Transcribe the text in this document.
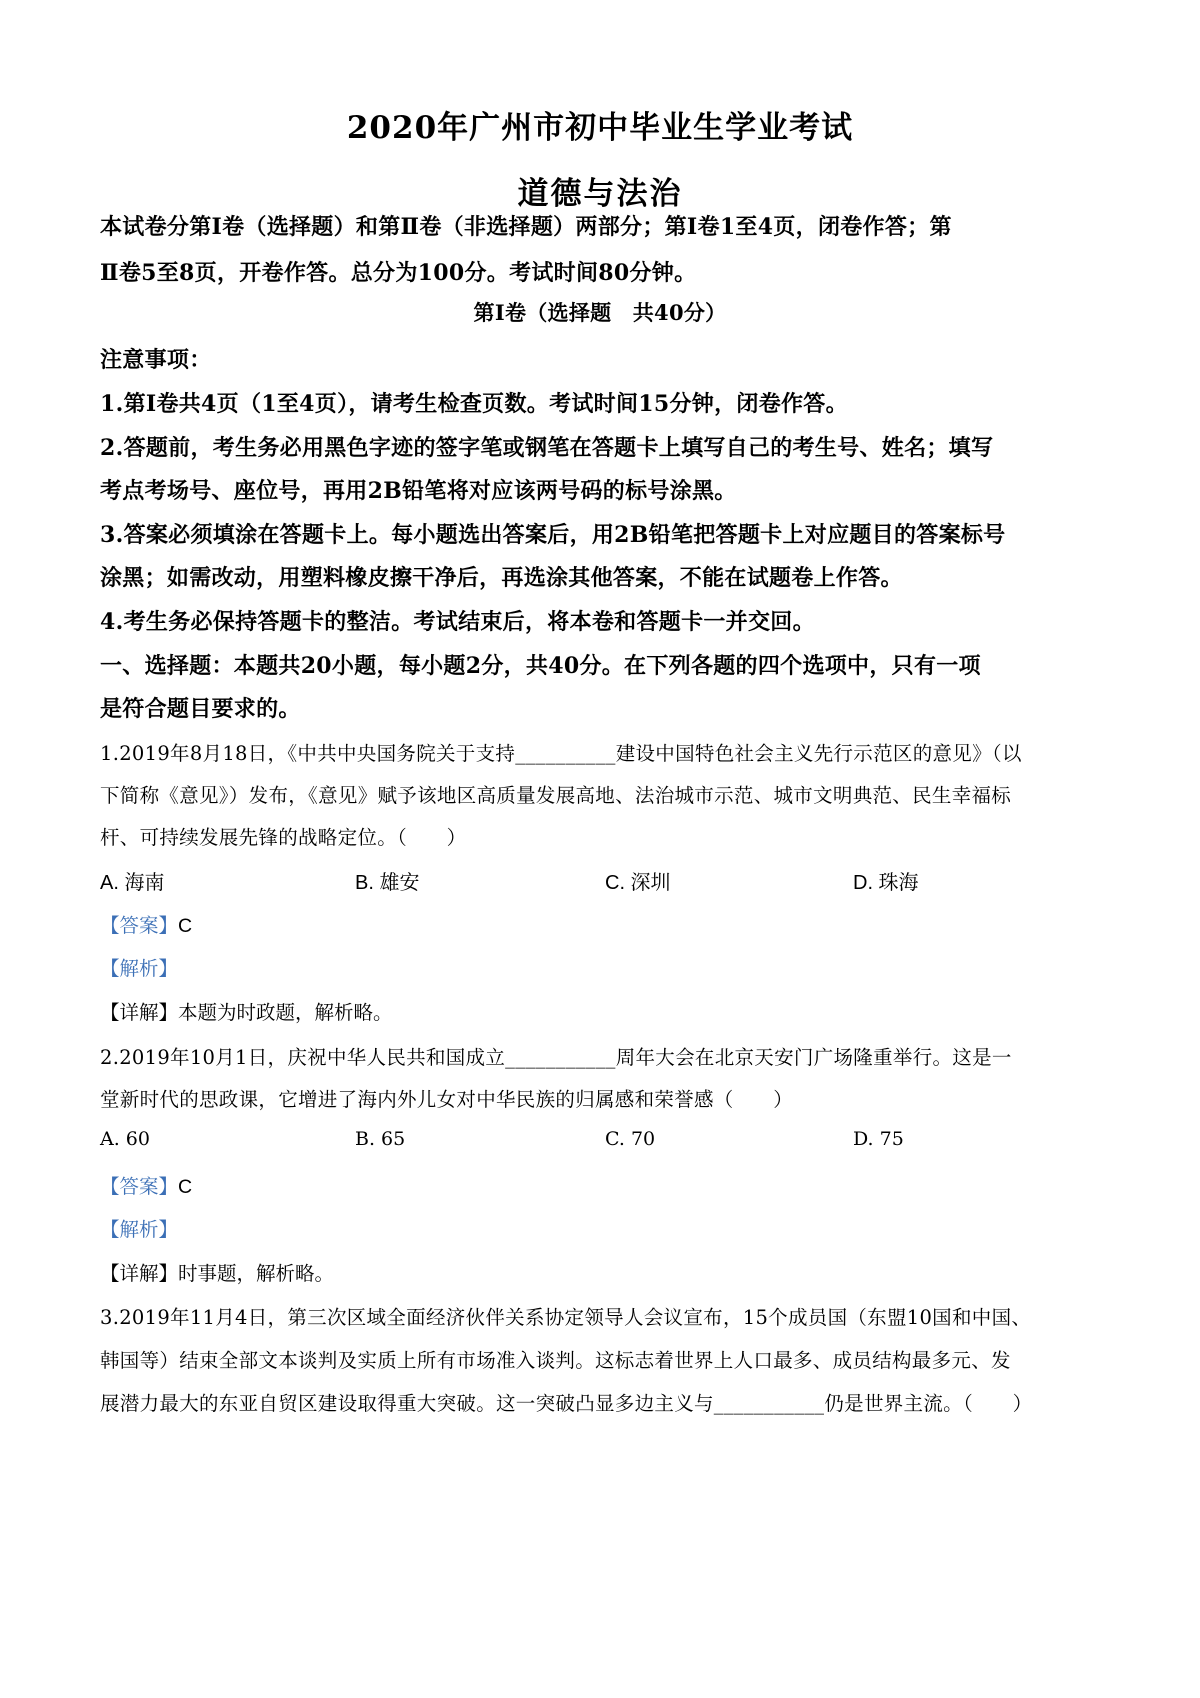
2020年广州市初中毕业生学业考试
道德与法治
本试卷分第Ⅰ卷（选择题）和第Ⅱ卷（非选择题）两部分；第Ⅰ卷1至4页，闭卷作答；第
Ⅱ卷5至8页，开卷作答。总分为100分。考试时间80分钟。
第Ⅰ卷（选择题　共40分）
注意事项：
1.第Ⅰ卷共4页（1至4页），请考生检查页数。考试时间15分钟，闭卷作答。
2.答题前，考生务必用黑色字迹的签字笔或钢笔在答题卡上填写自己的考生号、姓名；填写
考点考场号、座位号，再用2B铅笔将对应该两号码的标号涂黑。
3.答案必须填涂在答题卡上。每小题选出答案后，用2B铅笔把答题卡上对应题目的答案标号
涂黑；如需改动，用塑料橡皮擦干净后，再选涂其他答案，不能在试题卷上作答。
4.考生务必保持答题卡的整洁。考试结束后，将本卷和答题卡一并交回。
一、选择题：本题共20小题，每小题2分，共40分。在下列各题的四个选项中，只有一项
是符合题目要求的。
1.2019年8月18日，《中共中央国务院关于支持__________建设中国特色社会主义先行示范区的意见》（以
下简称《意见》）发布，《意见》赋予该地区高质量发展高地、法治城市示范、城市文明典范、民生幸福标
杆、可持续发展先锋的战略定位。（　　）
A. 海南	B. 雄安	C. 深圳	D. 珠海
【答案】C
【解析】
【详解】本题为时政题，解析略。
2.2019年10月1日，庆祝中华人民共和国成立___________周年大会在北京天安门广场隆重举行。这是一
堂新时代的思政课，它增进了海内外儿女对中华民族的归属感和荣誉感（　　）
A. 60	B. 65	C. 70	D. 75
【答案】C
【解析】
【详解】时事题，解析略。
3.2019年11月4日，第三次区域全面经济伙伴关系协定领导人会议宣布，15个成员国（东盟10国和中国、
韩国等）结束全部文本谈判及实质上所有市场准入谈判。这标志着世界上人口最多、成员结构最多元、发
展潜力最大的东亚自贸区建设取得重大突破。这一突破凸显多边主义与___________仍是世界主流。（　　）
